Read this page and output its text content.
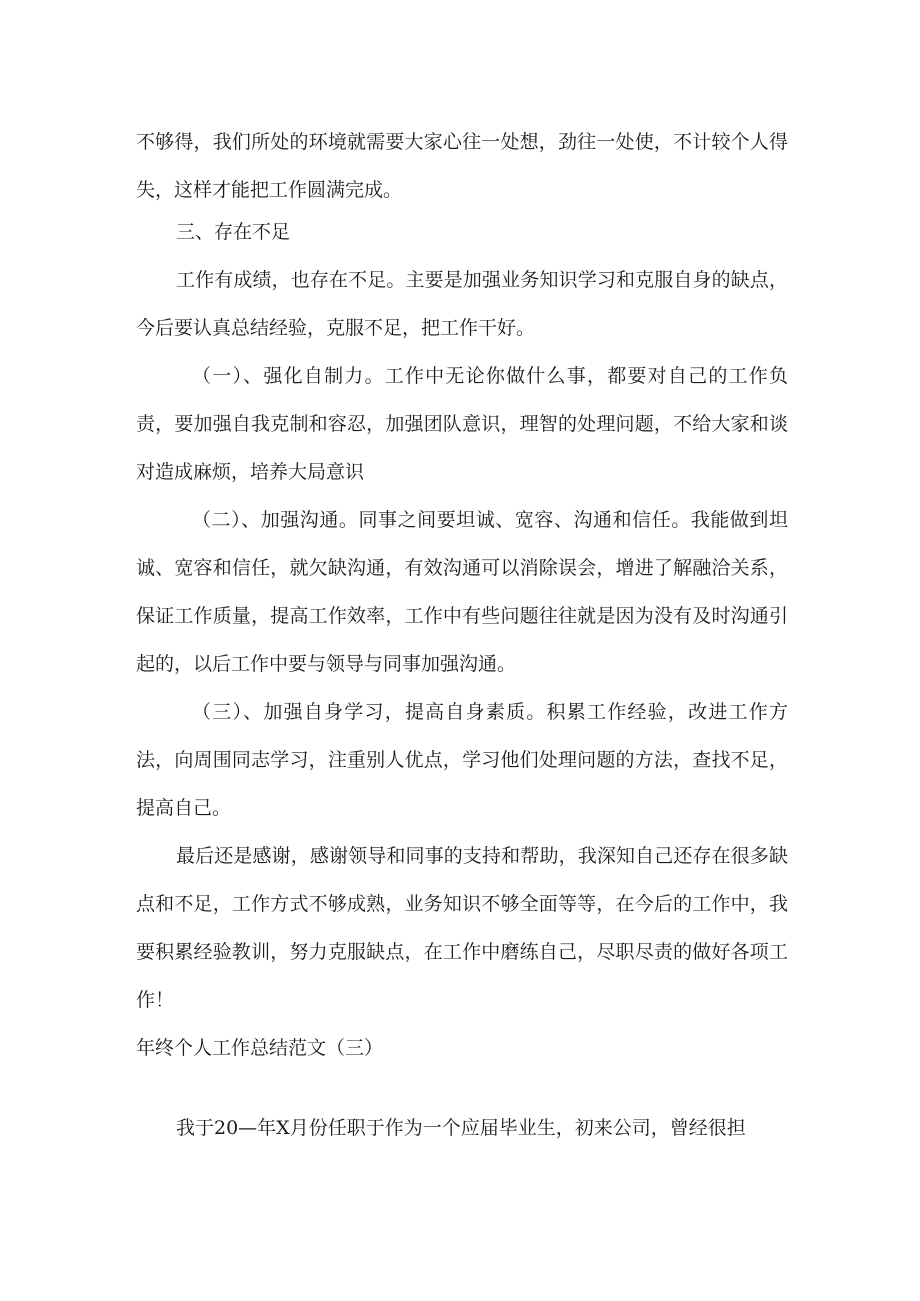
不够得，我们所处的环境就需要大家心往一处想，劲往一处使，不计较个人得失，这样才能把工作圆满完成。

三、存在不足

工作有成绩，也存在不足。主要是加强业务知识学习和克服自身的缺点，今后要认真总结经验，克服不足，把工作干好。

（一）、强化自制力。工作中无论你做什么事，都要对自己的工作负责，要加强自我克制和容忍，加强团队意识，理智的处理问题，不给大家和谈对造成麻烦，培养大局意识

（二）、加强沟通。同事之间要坦诚、宽容、沟通和信任。我能做到坦诚、宽容和信任，就欠缺沟通，有效沟通可以消除误会，增进了解融洽关系，保证工作质量，提高工作效率，工作中有些问题往往就是因为没有及时沟通引起的，以后工作中要与领导与同事加强沟通。

（三）、加强自身学习，提高自身素质。积累工作经验，改进工作方法，向周围同志学习，注重别人优点，学习他们处理问题的方法，查找不足，提高自己。

最后还是感谢，感谢领导和同事的支持和帮助，我深知自己还存在很多缺点和不足，工作方式不够成熟，业务知识不够全面等等，在今后的工作中，我要积累经验教训，努力克服缺点，在工作中磨练自己，尽职尽责的做好各项工作！

年终个人工作总结范文（三）

我于20—年X月份任职于作为一个应届毕业生，初来公司，曾经很担
